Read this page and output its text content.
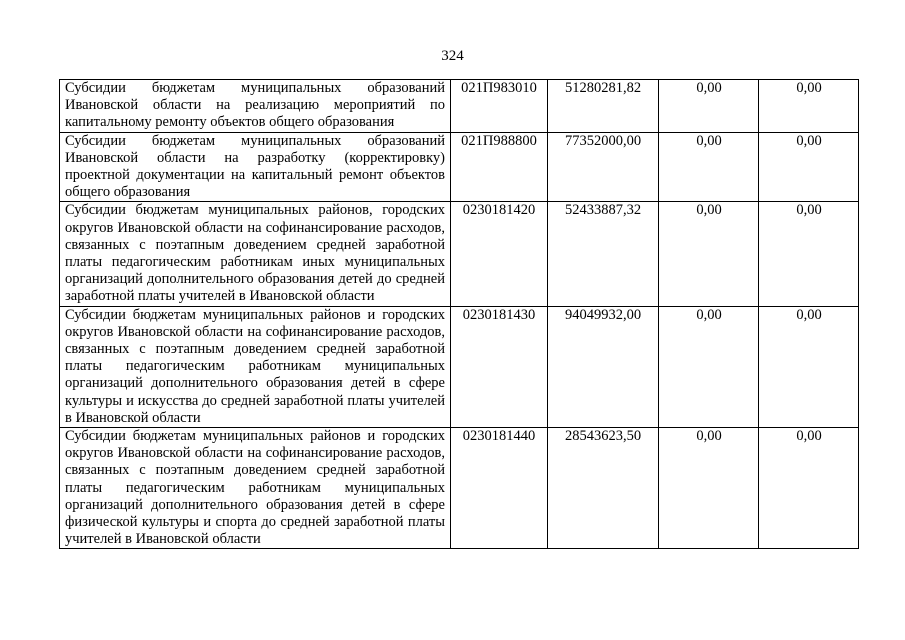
324
Субсидии бюджетам муниципальных образований Ивановской области на реализацию мероприятий по капитальному ремонту объектов общего образования	021П983010	51280281,82	0,00	0,00
Субсидии бюджетам муниципальных образований Ивановской области на разработку (корректировку) проектной документации на капитальный ремонт объектов общего образования	021П988800	77352000,00	0,00	0,00
Субсидии бюджетам муниципальных районов, городских округов Ивановской области на софинансирование расходов, связанных с поэтапным доведением средней заработной платы педагогическим работникам иных муниципальных организаций дополнительного образования детей до средней заработной платы учителей в Ивановской области	0230181420	52433887,32	0,00	0,00
Субсидии бюджетам муниципальных районов и городских округов Ивановской области на софинансирование расходов, связанных с поэтапным доведением средней заработной платы педагогическим работникам муниципальных организаций дополнительного образования детей в сфере культуры и искусства до средней заработной платы учителей в Ивановской области	0230181430	94049932,00	0,00	0,00
Субсидии бюджетам муниципальных районов и городских округов Ивановской области на софинансирование расходов, связанных с поэтапным доведением средней заработной платы педагогическим работникам муниципальных организаций дополнительного образования детей в сфере физической культуры и спорта до средней заработной платы учителей в Ивановской области	0230181440	28543623,50	0,00	0,00
